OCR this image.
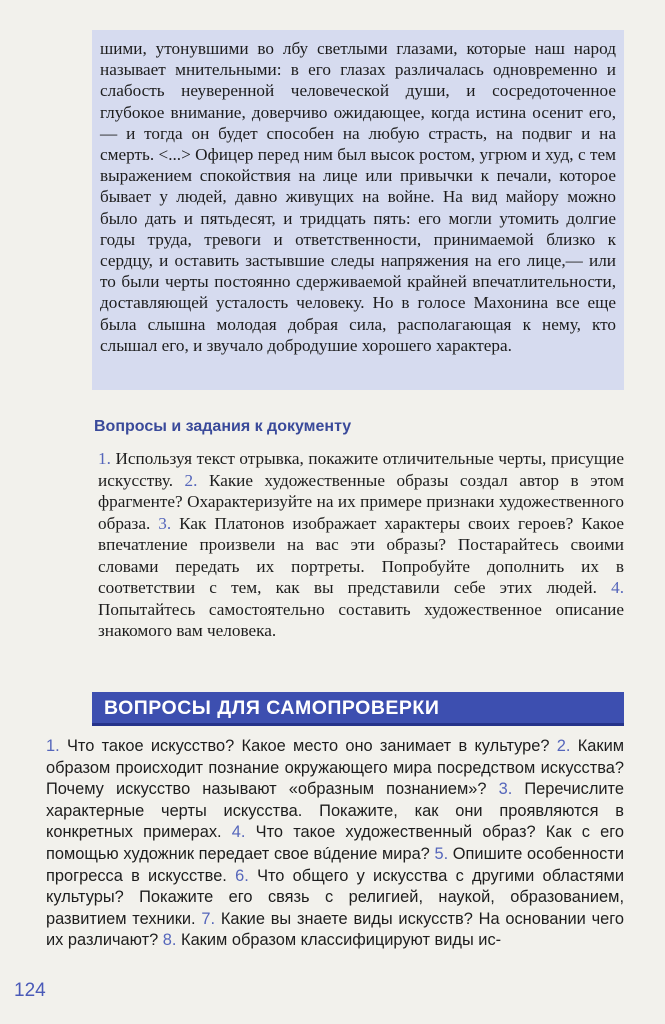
шими, утонувшими во лбу светлыми глазами, которые наш народ называет мнительными: в его глазах различалась одновременно и слабость неуверенной человеческой души, и сосредоточенное глубокое внимание, доверчиво ожидающее, когда истина осенит его,— и тогда он будет способен на любую страсть, на подвиг и на смерть. <...> Офицер перед ним был высок ростом, угрюм и худ, с тем выражением спокойствия на лице или привычки к печали, которое бывает у людей, давно живущих на войне. На вид майору можно было дать и пятьдесят, и тридцать пять: его могли утомить долгие годы труда, тревоги и ответственности, принимаемой близко к сердцу, и оставить застывшие следы напряжения на его лице,— или то были черты постоянно сдерживаемой крайней впечатлительности, доставляющей усталость человеку. Но в голосе Махонина все еще была слышна молодая добрая сила, располагающая к нему, кто слышал его, и звучало добродушие хорошего характера.

Вопросы и задания к документу

1. Используя текст отрывка, покажите отличительные черты, присущие искусству. 2. Какие художественные образы создал автор в этом фрагменте? Охарактеризуйте на их примере признаки художественного образа. 3. Как Платонов изображает характеры своих героев? Какое впечатление произвели на вас эти образы? Постарайтесь своими словами передать их портреты. Попробуйте дополнить их в соответствии с тем, как вы представили себе этих людей. 4. Попытайтесь самостоятельно составить художественное описание знакомого вам человека.

ВОПРОСЫ ДЛЯ САМОПРОВЕРКИ

1. Что такое искусство? Какое место оно занимает в культуре? 2. Каким образом происходит познание окружающего мира посредством искусства? Почему искусство называют «образным познанием»? 3. Перечислите характерные черты искусства. Покажите, как они проявляются в конкретных примерах. 4. Что такое художественный образ? Как с его помощью художник передает свое вúдение мира? 5. Опишите особенности прогресса в искусстве. 6. Что общего у искусства с другими областями культуры? Покажите его связь с религией, наукой, образованием, развитием техники. 7. Какие вы знаете виды искусств? На основании чего их различают? 8. Каким образом классифицируют виды ис-

124
